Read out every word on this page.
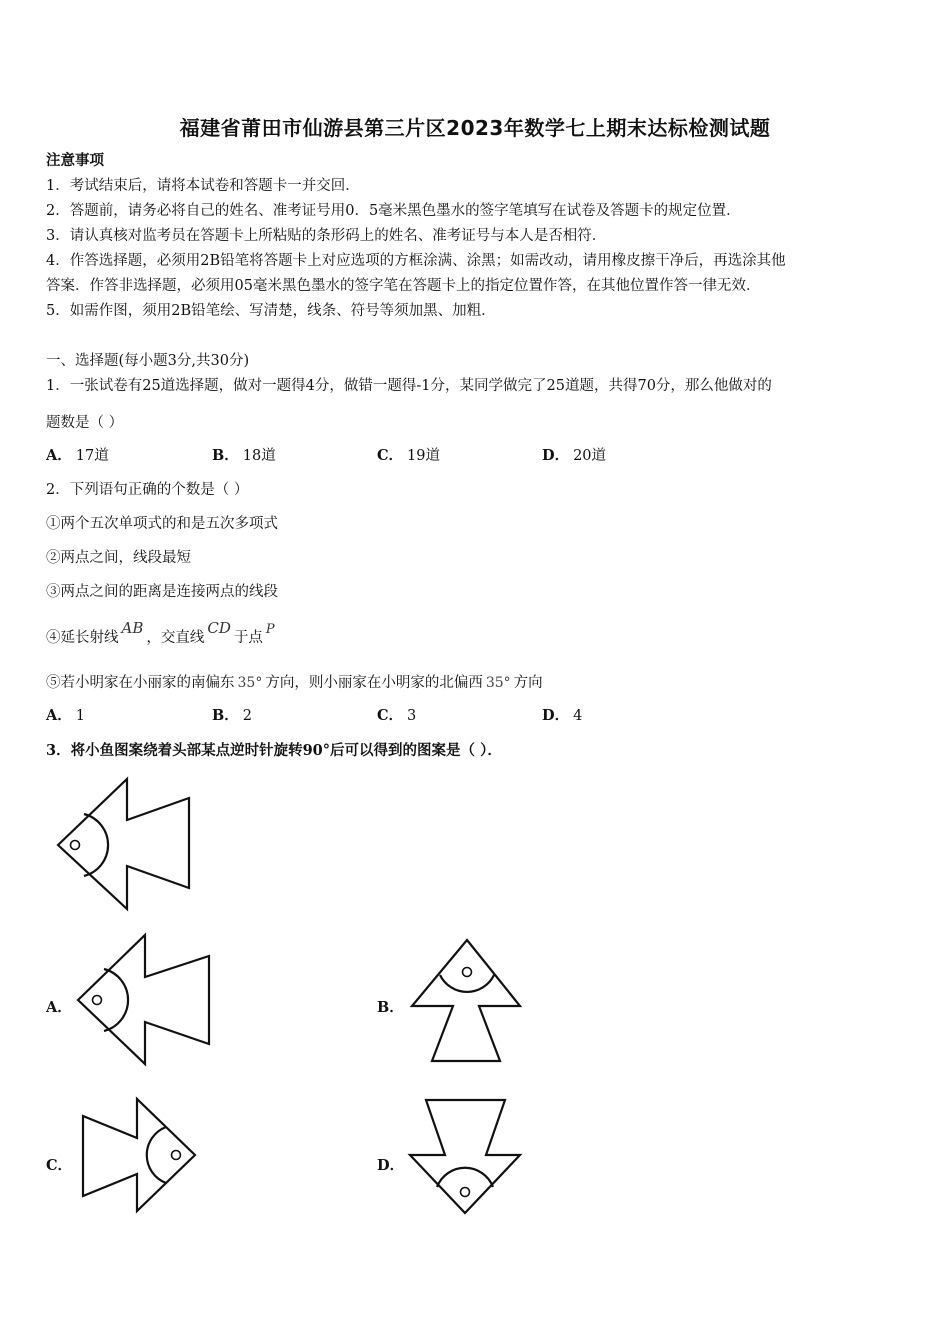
福建省莆田市仙游县第三片区2023年数学七上期末达标检测试题
注意事项
1．考试结束后，请将本试卷和答题卡一并交回．
2．答题前，请务必将自己的姓名、准考证号用0．5毫米黑色墨水的签字笔填写在试卷及答题卡的规定位置．
3．请认真核对监考员在答题卡上所粘贴的条形码上的姓名、准考证号与本人是否相符．
4．作答选择题，必须用2B铅笔将答题卡上对应选项的方框涂满、涂黑；如需改动，请用橡皮擦干净后，再选涂其他
答案．作答非选择题，必须用05毫米黑色墨水的签字笔在答题卡上的指定位置作答，在其他位置作答一律无效．
5．如需作图，须用2B铅笔绘、写清楚，线条、符号等须加黑、加粗．
一、选择题(每小题3分,共30分)
1．一张试卷有25道选择题，做对一题得4分，做错一题得-1分，某同学做完了25道题，共得70分，那么他做对的
题数是（ ）
A． 17道	B． 18道	C． 19道	D． 20道
2．下列语句正确的个数是（ ）
①两个五次单项式的和是五次多项式
②两点之间，线段最短
③两点之间的距离是连接两点的线段
④延长射线AB，交直线CD于点P
⑤若小明家在小丽家的南偏东 35° 方向，则小丽家在小明家的北偏西 35° 方向
A． 1	B． 2	C． 3	D． 4
3．将小鱼图案绕着头部某点逆时针旋转90°后可以得到的图案是（ ）．
A．	B．
C．	D．
